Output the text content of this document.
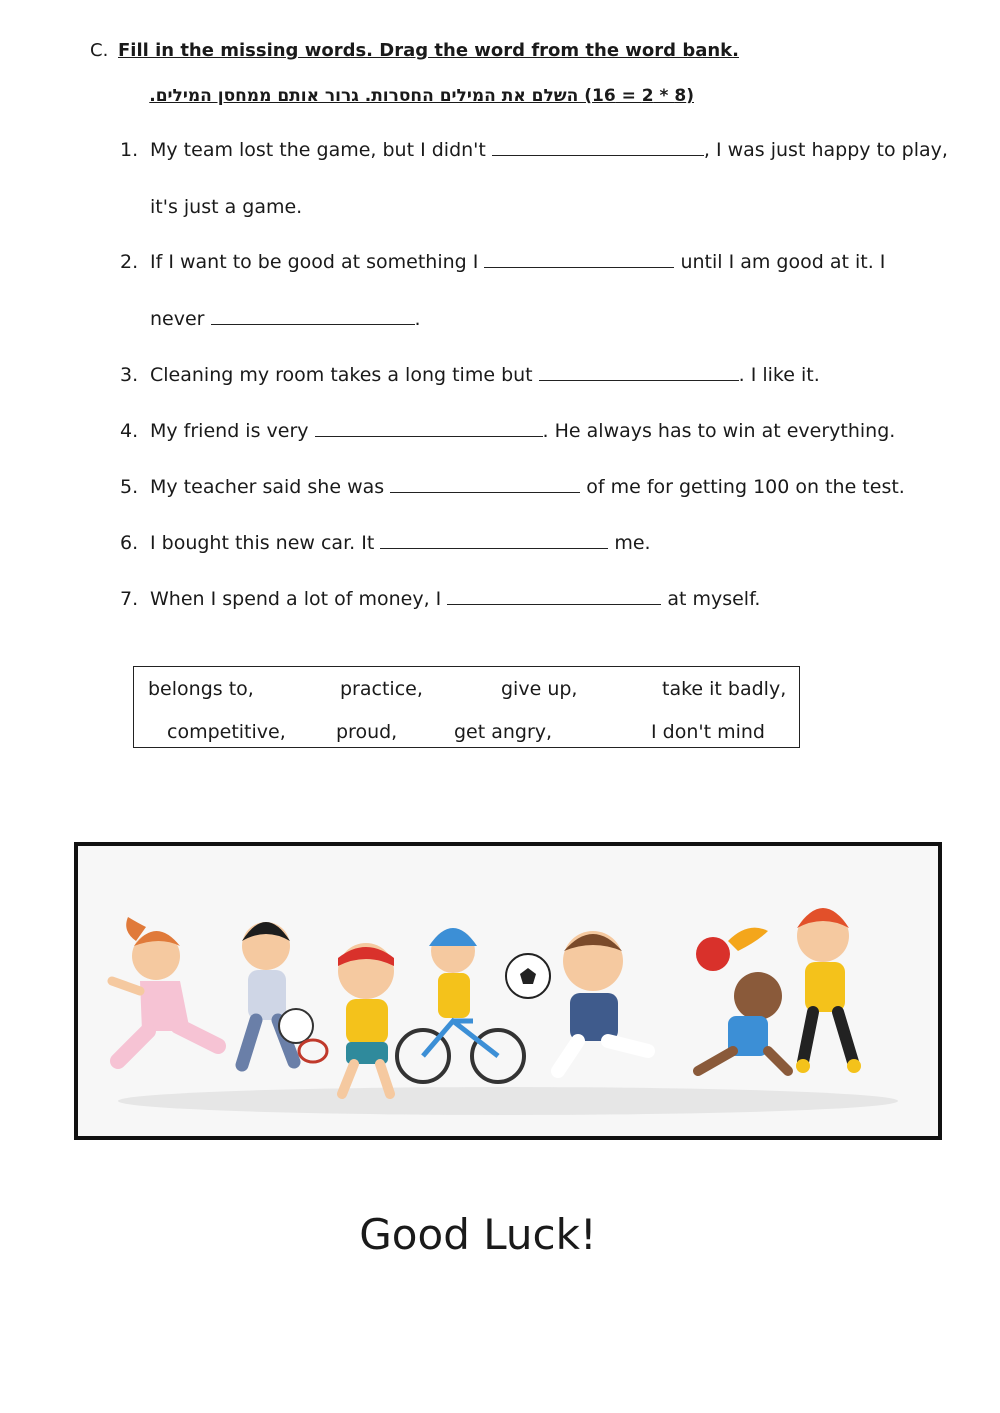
C. Fill in the missing words. Drag the word from the word bank.
(8 * 2 = 16) השלם את המילים החסרות. גרור אותם ממחסן המילים.
1. My team lost the game, but I didn't	, I was just happy to play,
it's just a game.
2. If I want to be good at something I	until I am good at it. I
never	.
3. Cleaning my room takes a long time but	. I like it.
4. My friend is very	. He always has to win at everything.
5. My teacher said she was	of me for getting 100 on the test.
6. I bought this new car. It	me.
7. When I spend a lot of money, I	at myself.
belongs to,	practice,	give up,	take it badly,
competitive,	proud,	get angry,	I don't mind
Good Luck!
